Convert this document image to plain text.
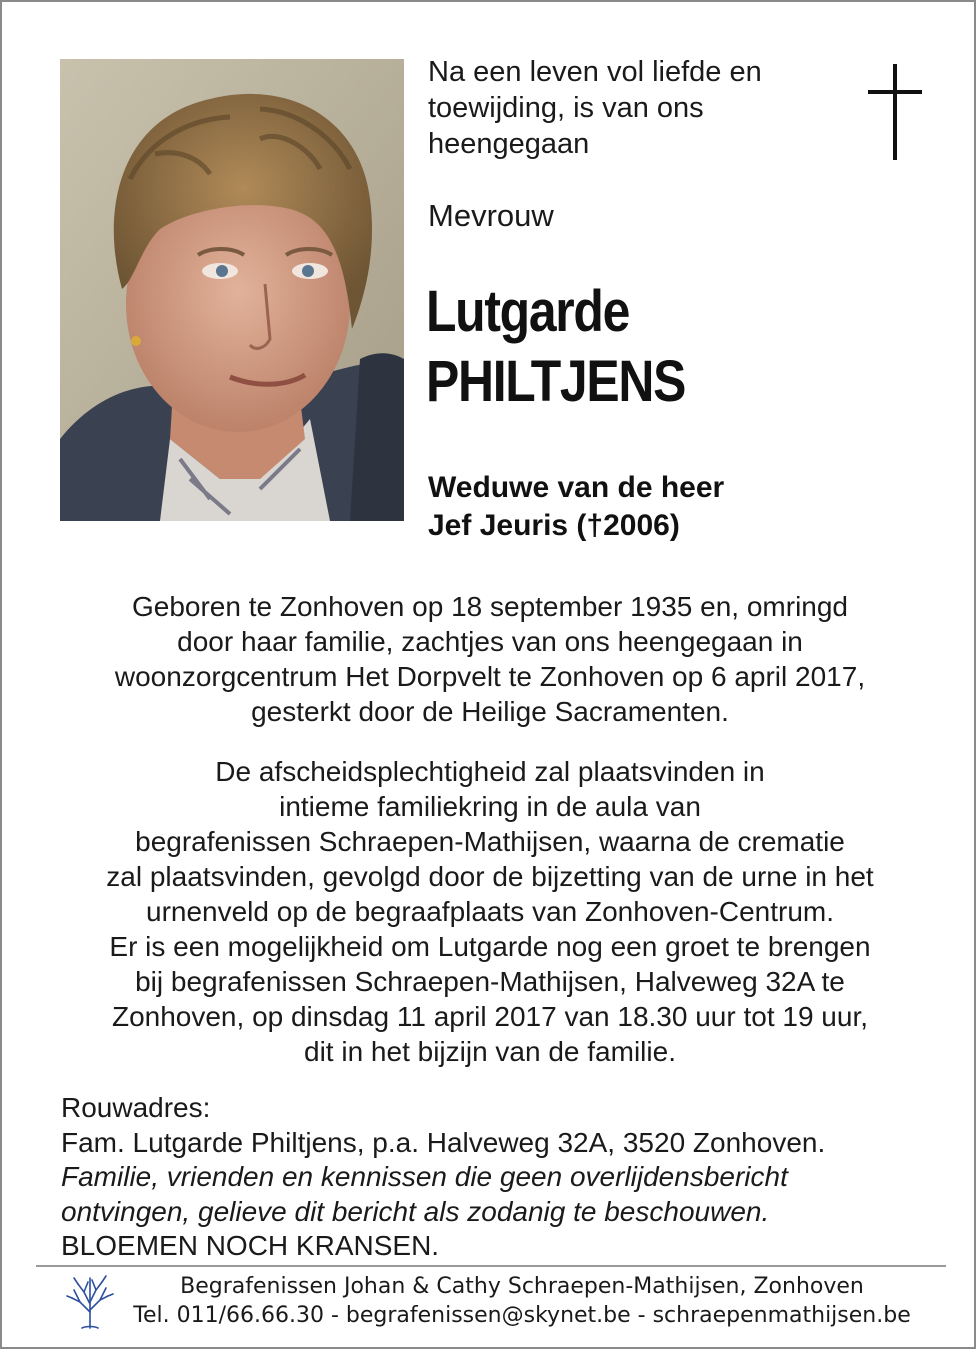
Na een leven vol liefde en
toewijding, is van ons
heengegaan
Mevrouw
Lutgarde
PHILTJENS
Weduwe van de heer
Jef Jeuris (†2006)
Geboren te Zonhoven op 18 september 1935 en, omringd
door haar familie, zachtjes van ons heengegaan in
woonzorgcentrum Het Dorpvelt te Zonhoven op 6 april 2017,
gesterkt door de Heilige Sacramenten.
De afscheidsplechtigheid zal plaatsvinden in
intieme familiekring in de aula van
begrafenissen Schraepen-Mathijsen, waarna de crematie
zal plaatsvinden, gevolgd door de bijzetting van de urne in het
urnenveld op de begraafplaats van Zonhoven-Centrum.
Er is een mogelijkheid om Lutgarde nog een groet te brengen
bij begrafenissen Schraepen-Mathijsen, Halveweg 32A te
Zonhoven, op dinsdag 11 april 2017 van 18.30 uur tot 19 uur,
dit in het bijzijn van de familie.
Rouwadres:
Fam. Lutgarde Philtjens, p.a. Halveweg 32A, 3520 Zonhoven.
Familie, vrienden en kennissen die geen overlijdensbericht
ontvingen, gelieve dit bericht als zodanig te beschouwen.
BLOEMEN NOCH KRANSEN.
Begrafenissen Johan & Cathy Schraepen-Mathijsen, Zonhoven
Tel. 011/66.66.30 - begrafenissen@skynet.be - schraepenmathijsen.be
